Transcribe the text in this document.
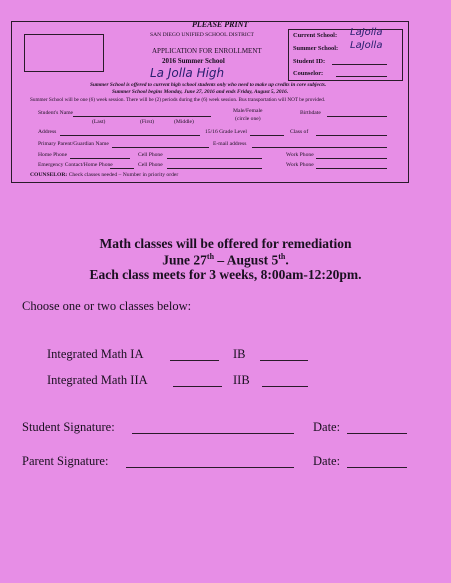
PLEASE PRINT
SAN DIEGO UNIFIED SCHOOL DISTRICT
APPLICATION FOR ENROLLMENT
2016 Summer School
La Jolla High
Current School: LaJolla
Summer School: LaJolla
Student ID:
Counselor:
Summer School is offered to current high school students only who need to make up credits in core subjects.
Summer School begins Monday, June 27, 2016 and ends Friday, August 5, 2016.
Summer School will be one (6) week session. There will be (2) periods during the (6) week session. Bus transportation will NOT be provided.
Student's Name
(Last)	(First)	(Middle)
Male/Female
(circle one)
Birthdate
Address	15/16 Grade Level	Class of
Primary Parent/Guardian Name	E-mail address
Home Phone	Cell Phone	Work Phone
Emergency Contact/Home Phone	Cell Phone	Work Phone
COUNSELOR: Check classes needed – Number in priority order
Math classes will be offered for remediation
June 27th – August 5th.
Each class meets for 3 weeks, 8:00am-12:20pm.
Choose one or two classes below:
Integrated Math IA	IB
Integrated Math IIA	IIB
Student Signature:	Date:
Parent Signature:	Date:
